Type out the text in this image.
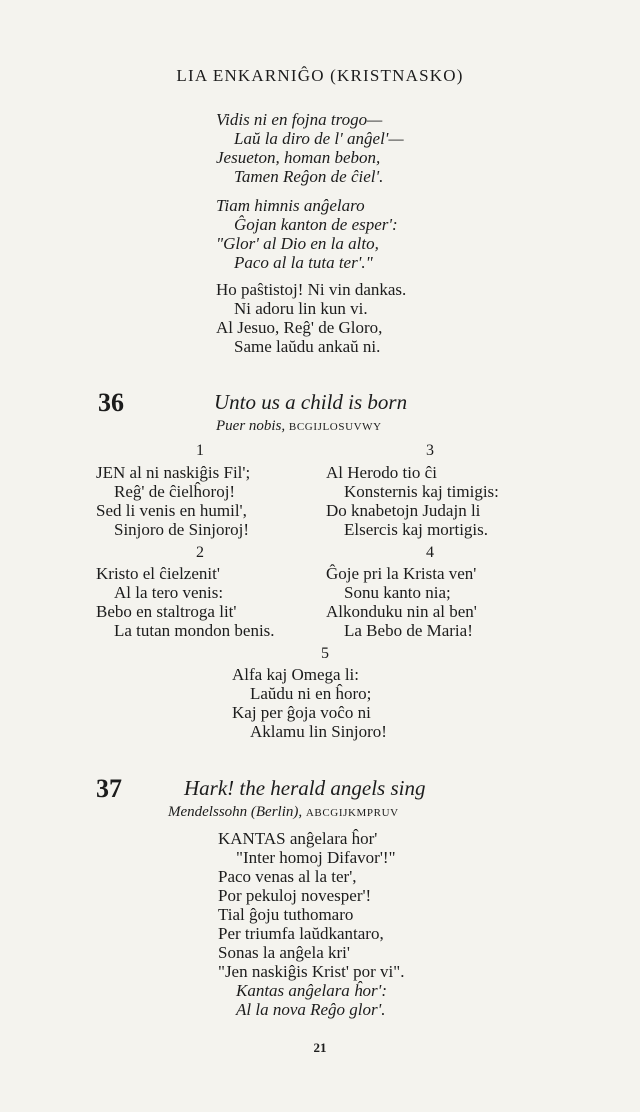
LIA ENKARNIĜO (KRISTNASKO)
Vidis ni en fojna trogo—
Laŭ la diro de l' anĝel'—
Jesueton, homan bebon,
Tamen Reĝon de ĉiel'.
Tiam himnis anĝelaro
Ĝojan kanton de esper':
"Glor' al Dio en la alto,
Paco al la tuta ter'."
Ho paŝtistoj! Ni vin dankas.
Ni adoru lin kun vi.
Al Jesuo, Reĝ' de Gloro,
Same laŭdu ankaŭ ni.
36	Unto us a child is born
Puer nobis, BCGIJLOSUVWY
1	3
JEN al ni naskiĝis Fil';
Reĝ' de ĉielĥoroj!
Sed li venis en humil',
Sinjoro de Sinjoroj!
Al Herodo tio ĉi
Konsternis kaj timigis:
Do knabetojn Judajn li
Elsercis kaj mortigis.
2	4
Kristo el ĉielzenit'
Al la tero venis:
Bebo en staltroga lit'
La tutan mondon benis.
Ĝoje pri la Krista ven'
Sonu kanto nia;
Alkonduku nin al ben'
La Bebo de Maria!
5
Alfa kaj Omega li:
Laŭdu ni en ĥoro;
Kaj per ĝoja voĉo ni
Aklamu lin Sinjoro!
37	Hark! the herald angels sing
Mendelssohn (Berlin), ABCGIJKMPRUV
KANTAS anĝelara ĥor'
"Inter homoj Difavor'!"
Paco venas al la ter',
Por pekuloj novesper'!
Tial ĝoju tuthomaro
Per triumfa laŭdkantaro,
Sonas la anĝela kri'
"Jen naskiĝis Krist' por vi".
Kantas anĝelara ĥor':
Al la nova Reĝo glor'.
21
